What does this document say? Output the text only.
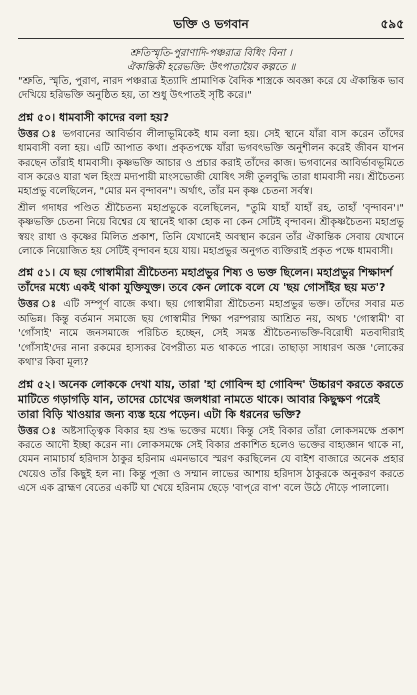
ভক্তি ও ভগবান	৫৯৫
শ্রুতিস্মৃতি-পুরাণাদি-পঞ্চরাত্র বিধিং বিনা ।
ঐকান্তিকী হরেভক্তি: উৎপাতায়ৈব কল্পতে ॥

"শ্রুতি, স্মৃতি, পুরাণ, নারদ পঞ্চরাত্র ইত্যাদি প্রামাণিক বৈদিক শাস্ত্রকে অবজ্ঞা করে যে ঐকান্তিক ভাব দেখিয়ে হরিভক্তি অনুষ্ঠিত হয়, তা শুধু উৎপাতই সৃষ্টি করে।"

প্রশ্ন ৫০। ধামবাসী কাদের বলা হয়?

উত্তর ঃ ভগবানের আবির্ভাব লীলাভূমিকেই ধাম বলা হয়। সেই স্থানে যাঁরা বাস করেন তাঁদের ধামবাসী বলা হয়। এটি আপাত কথা। প্রকৃতপক্ষে যাঁরা ভগবৎভক্তি অনুশীলন করেই জীবন যাপন করছেন তাঁরাই ধামবাসী। কৃষ্ণভক্তি আচার ও প্রচার করাই তাঁদের কাজ। ভগবানের আবির্ভাবভূমিতে বাস করেও যারা খল হিংস্র মদ্যপায়ী মাংসভোজী যোষিৎ সঙ্গী তুলবুদ্ধি তারা ধামবাসী নয়। শ্রীচৈতন্য মহাপ্রভু বলেছিলেন, "মোর মন বৃন্দাবন"। অর্থাৎ, তাঁর মন কৃষ্ণ চেতনা সর্বস্ব।

শ্রীল গদাধর পণ্ডিত শ্রীচৈতন্য মহাপ্রভুকে বলেছিলেন, "তুমি যাহাঁ যাহাঁ রহ, তাহাঁ 'বৃন্দাবন'।" কৃষ্ণভক্তি চেতনা নিয়ে বিশ্বের যে স্থানেই থাকা হোক না কেন সেটিই বৃন্দাবন। শ্রীকৃষ্ণচৈতন্য মহাপ্রভু স্বয়ং রাধা ও কৃষ্ণের মিলিত প্রকাশ, তিনি যেখানেই অবস্থান করেন তাঁর ঐকান্তিক সেবায় যেখানে লোকে নিয়োজিত হয় সেটিই বৃন্দাবন হয়ে যায়। মহাপ্রভুর অনুগত ব্যক্তিরাই প্রকৃত পক্ষে ধামবাসী।

প্রশ্ন ৫১। যে ছয় গোস্বামীরা শ্রীচৈতন্য মহাপ্রভুর শিষ্য ও ভক্ত ছিলেন। মহাপ্রভুর শিক্ষাদর্শ তাঁদের মধ্যে একই থাকা যুক্তিযুক্ত। তবে কেন লোকে বলে যে 'ছয় গোসাঁইর ছয় মত'?

উত্তর ঃ এটি সম্পূর্ণ বাজে কথা। ছয় গোস্বামীরা শ্রীচৈতন্য মহাপ্রভুর ভক্ত। তাঁদের সবার মত অভিন্ন। কিন্তু বর্তমান সমাজে ছয় গোস্বামীর শিক্ষা পরম্পরায় আশ্রিত নয়, অথচ 'গোস্বামী' বা 'গোঁসাই' নামে জনসমাজে পরিচিত হচ্ছেন, সেই সমস্ত শ্রীচৈতন্যভক্তি-বিরোধী মতবাদীরাই 'গোঁসাই'দের নানা রকমের হাস্যকর বৈপরীত্য মত থাকতে পারে। তাছাড়া সাধারণ অজ্ঞ 'লোকের কথা'র কিবা মূল্য?

প্রশ্ন ৫২। অনেক লোককে দেখা যায়, তারা 'হা গোবিন্দ হা গোবিন্দ' উচ্চারণ করতে করতে মাটিতে গড়াগড়ি যান, তাদের চোখের জলধারা নামতে থাকে। আবার কিছুক্ষণ পরেই তারা বিড়ি খাওয়ার জন্য ব্যস্ত হয়ে পড়েন। এটা কি ধরনের ভক্তি?

উত্তর ঃ অষ্টসাত্ত্বিক বিকার হয় শুদ্ধ ভক্তের মধ্যে। কিন্তু সেই বিকার তাঁরা লোকসমক্ষে প্রকাশ করতে আদৌ ইচ্ছা করেন না। লোকসমক্ষে সেই বিকার প্রকাশিত হলেও ভক্তের বাহ্যজ্ঞান থাকে না, যেমন নামাচার্য হরিদাস ঠাকুর হরিনাম এমনভাবে স্মরণ করছিলেন যে বাইশ বাজারে অনেক প্রহার খেয়েও তাঁর কিছুই হল না। কিন্তু পূজা ও সম্মান লাভের আশায় হরিদাস ঠাকুরকে অনুকরণ করতে এসে এক ব্রাহ্মণ বেতের একটি ঘা খেয়ে হরিনাম ছেড়ে 'বাপ্‌রে বাপ' বলে উঠে দৌড়ে পালালো।
